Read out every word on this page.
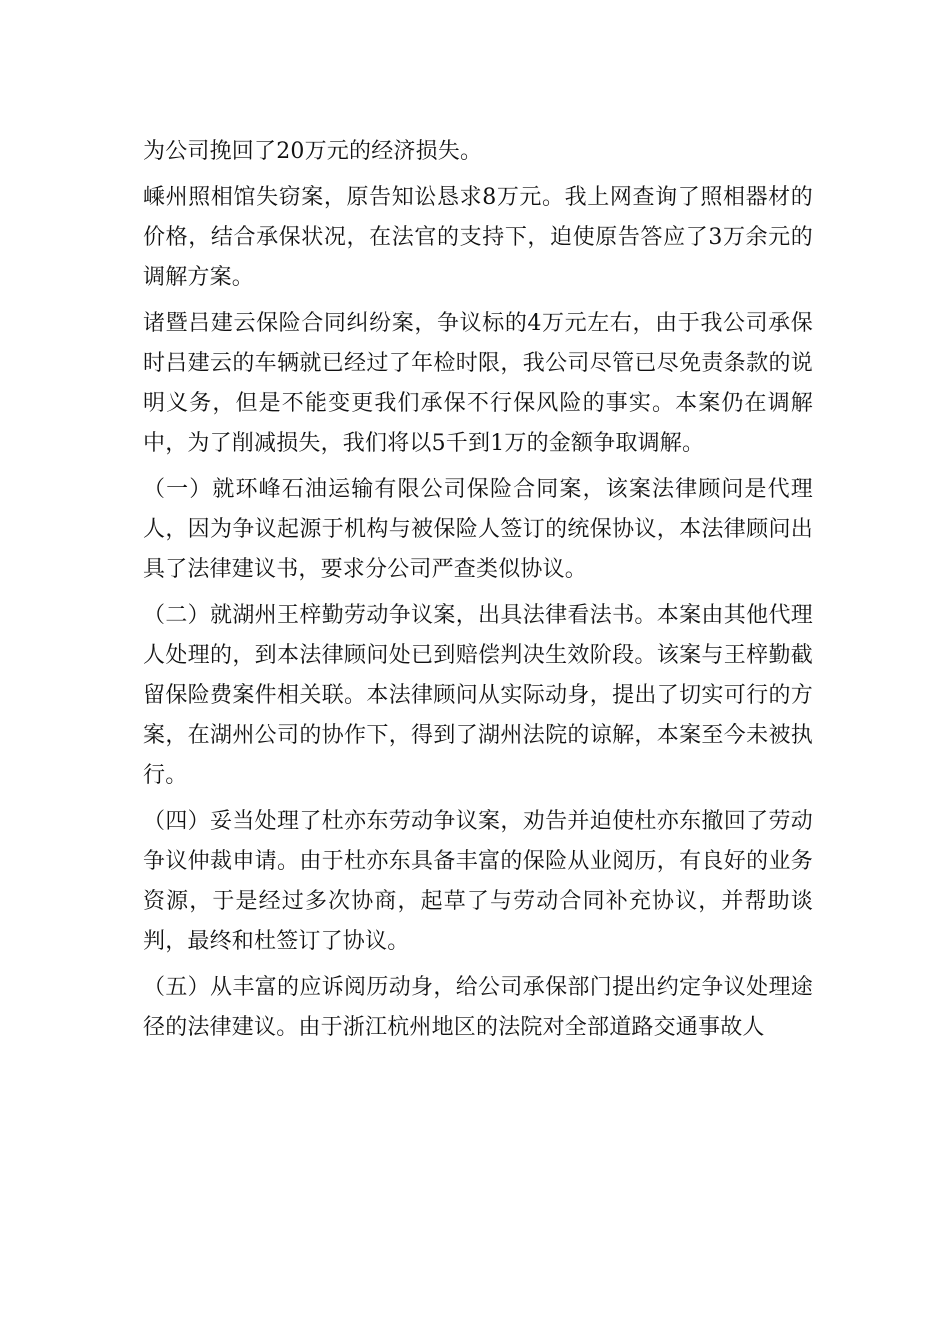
为公司挽回了20万元的经济损失。

嵊州照相馆失窃案，原告知讼恳求8万元。我上网查询了照相器材的价格，结合承保状况，在法官的支持下，迫使原告答应了3万余元的调解方案。

诸暨吕建云保险合同纠纷案，争议标的4万元左右，由于我公司承保时吕建云的车辆就已经过了年检时限，我公司尽管已尽免责条款的说明义务，但是不能变更我们承保不行保风险的事实。本案仍在调解中，为了削减损失，我们将以5千到1万的金额争取调解。

（一）就环峰石油运输有限公司保险合同案，该案法律顾问是代理人，因为争议起源于机构与被保险人签订的统保协议，本法律顾问出具了法律建议书，要求分公司严查类似协议。

（二）就湖州王梓勤劳动争议案，出具法律看法书。本案由其他代理人处理的，到本法律顾问处已到赔偿判决生效阶段。该案与王梓勤截留保险费案件相关联。本法律顾问从实际动身，提出了切实可行的方案，在湖州公司的协作下，得到了湖州法院的谅解，本案至今未被执行。

（四）妥当处理了杜亦东劳动争议案，劝告并迫使杜亦东撤回了劳动争议仲裁申请。由于杜亦东具备丰富的保险从业阅历，有良好的业务资源，于是经过多次协商，起草了与劳动合同补充协议，并帮助谈判，最终和杜签订了协议。

（五）从丰富的应诉阅历动身，给公司承保部门提出约定争议处理途径的法律建议。由于浙江杭州地区的法院对全部道路交通事故人
